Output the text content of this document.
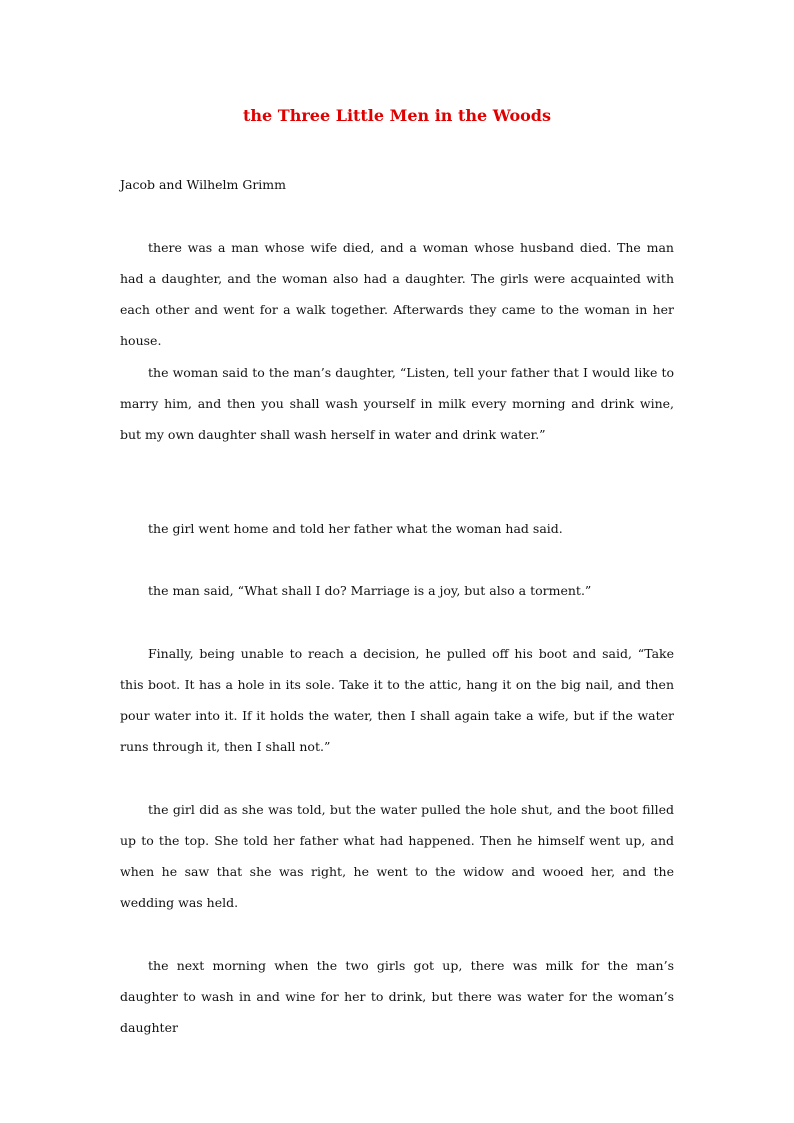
the Three Little Men in the Woods

Jacob and Wilhelm Grimm

there was a man whose wife died, and a woman whose husband died. The man had a daughter, and the woman also had a daughter. The girls were acquainted with each other and went for a walk together. Afterwards they came to the woman in her house.

the woman said to the man’s daughter, “Listen, tell your father that I would like to marry him, and then you shall wash yourself in milk every morning and drink wine, but my own daughter shall wash herself in water and drink water.”

the girl went home and told her father what the woman had said.

the man said, “What shall I do? Marriage is a joy, but also a torment.”

Finally, being unable to reach a decision, he pulled off his boot and said, “Take this boot. It has a hole in its sole. Take it to the attic, hang it on the big nail, and then pour water into it. If it holds the water, then I shall again take a wife, but if the water runs through it, then I shall not.”

the girl did as she was told, but the water pulled the hole shut, and the boot filled up to the top. She told her father what had happened. Then he himself went up, and when he saw that she was right, he went to the widow and wooed her, and the wedding was held.

the next morning when the two girls got up, there was milk for the man’s daughter to wash in and wine for her to drink, but there was water for the woman’s daughter
